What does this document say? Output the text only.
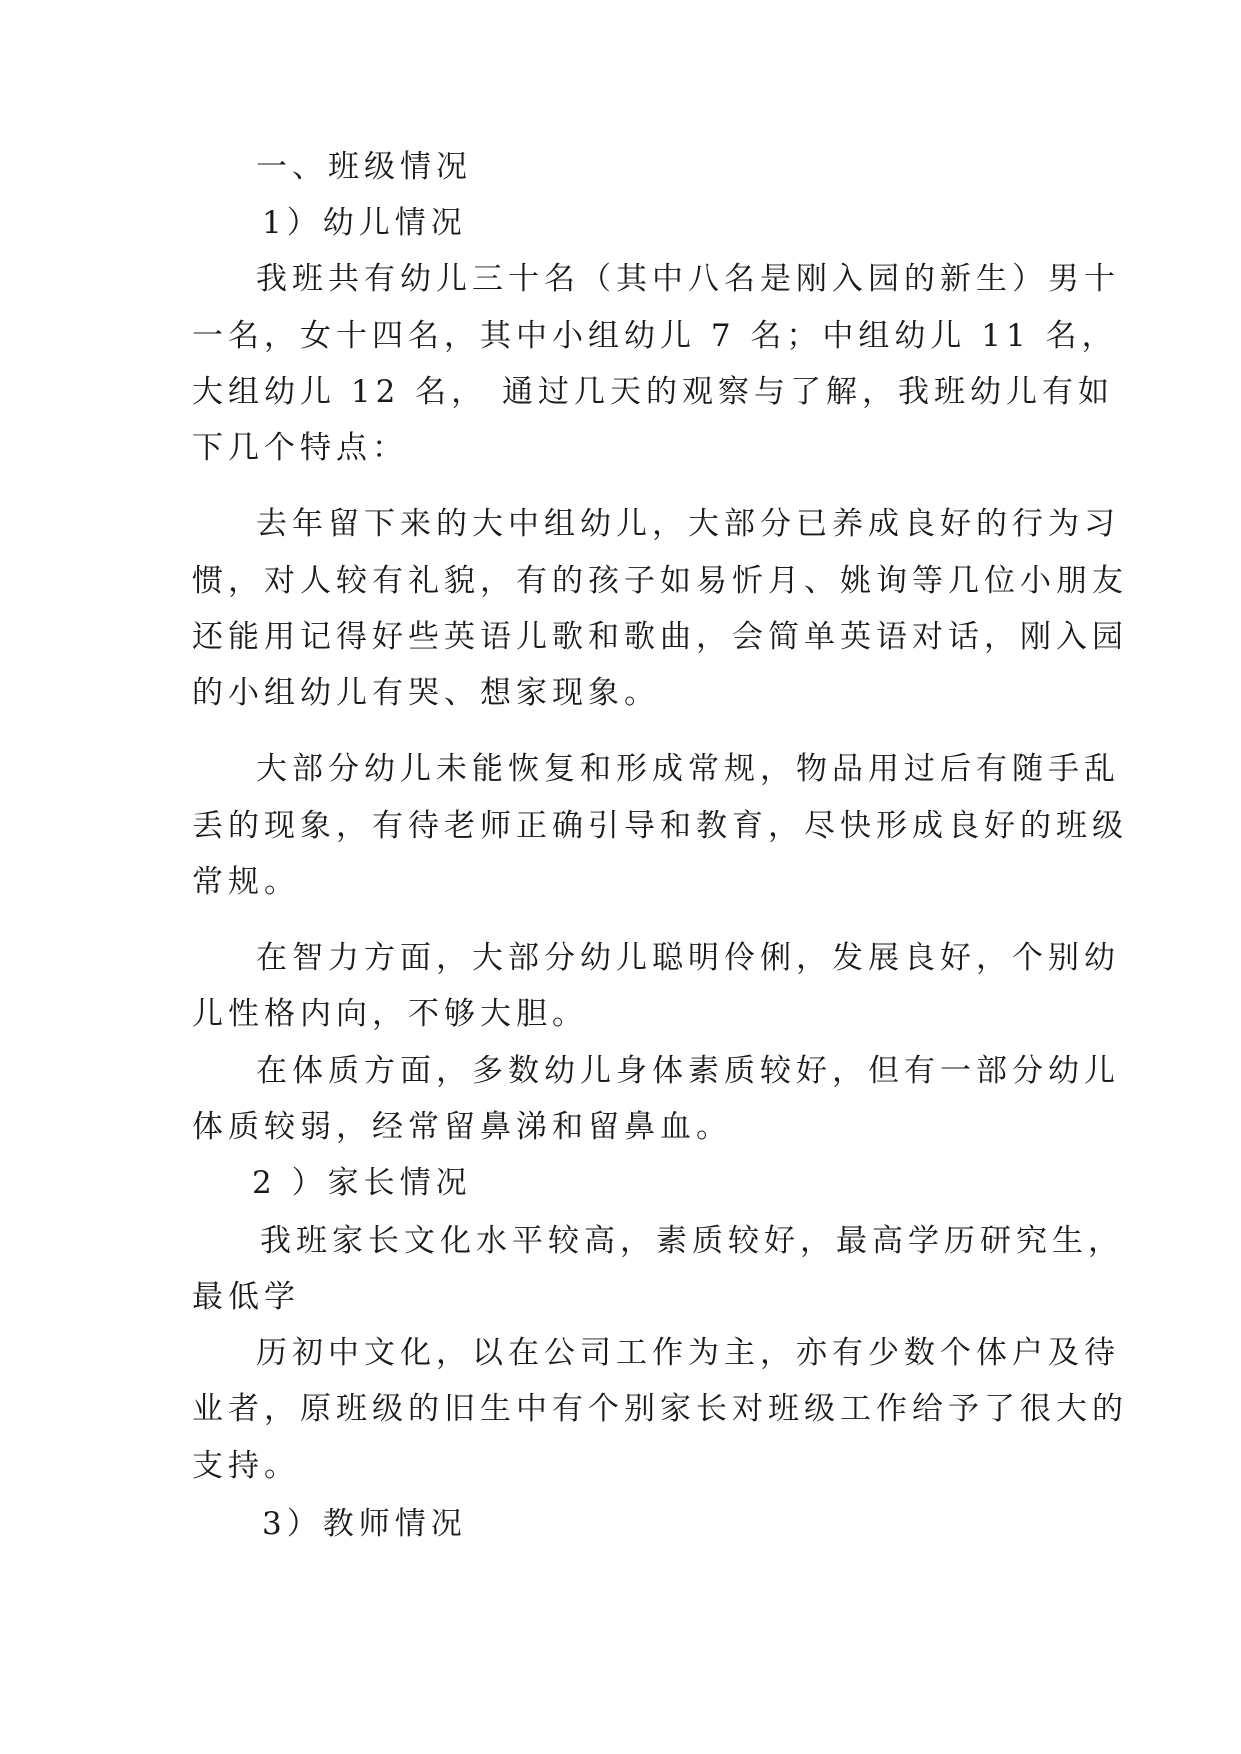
一、班级情况
1）幼儿情况
我班共有幼儿三十名（其中八名是刚入园的新生）男十
一名，女十四名，其中小组幼儿 7 名；中组幼儿 11 名，
大组幼儿 12 名， 通过几天的观察与了解，我班幼儿有如
下几个特点：
去年留下来的大中组幼儿，大部分已养成良好的行为习
惯，对人较有礼貌，有的孩子如易忻月、姚询等几位小朋友
还能用记得好些英语儿歌和歌曲，会简单英语对话，刚入园
的小组幼儿有哭、想家现象。
大部分幼儿未能恢复和形成常规，物品用过后有随手乱
丢的现象，有待老师正确引导和教育，尽快形成良好的班级
常规。
在智力方面，大部分幼儿聪明伶俐，发展良好，个别幼
儿性格内向，不够大胆。
在体质方面，多数幼儿身体素质较好，但有一部分幼儿
体质较弱，经常留鼻涕和留鼻血。
2 ）家长情况
我班家长文化水平较高，素质较好，最高学历研究生，
最低学
历初中文化，以在公司工作为主，亦有少数个体户及待
业者，原班级的旧生中有个别家长对班级工作给予了很大的
支持。
3）教师情况
